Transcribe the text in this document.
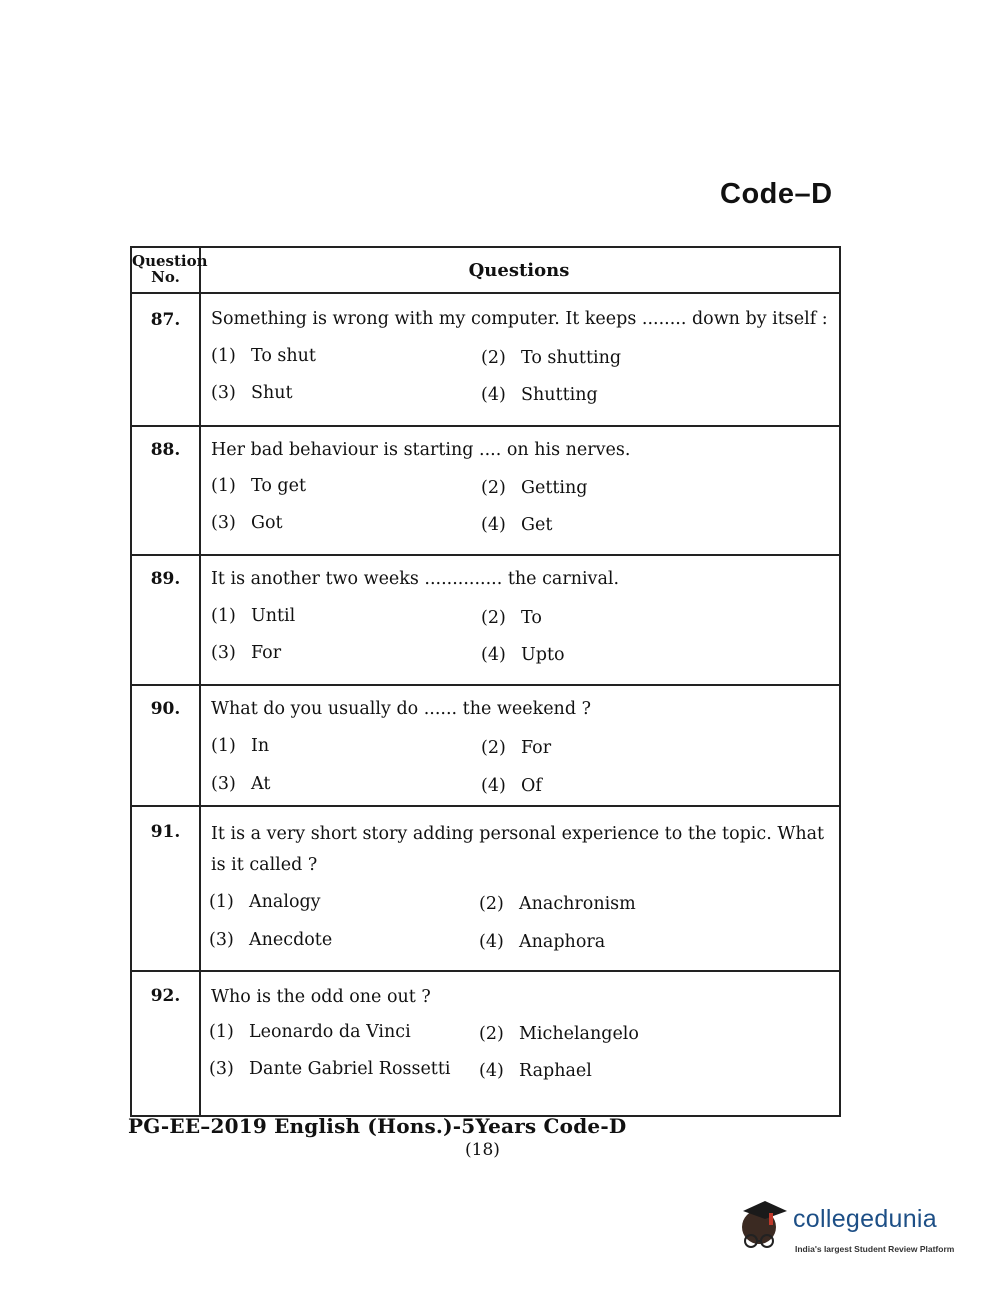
Code–D
Question No.	Questions
87.	Something is wrong with my computer. It keeps ........ down by itself :
(1) To shut	(2) To shutting
(3) Shut	(4) Shutting
88.	Her bad behaviour is starting .... on his nerves.
(1) To get	(2) Getting
(3) Got	(4) Get
89.	It is another two weeks .............. the carnival.
(1) Until	(2) To
(3) For	(4) Upto
90.	What do you usually do ...... the weekend ?
(1) In	(2) For
(3) At	(4) Of
91.	It is a very short story adding personal experience to the topic. What is it called ?
(1) Analogy	(2) Anachronism
(3) Anecdote	(4) Anaphora
92.	Who is the odd one out ?
(1) Leonardo da Vinci	(2) Michelangelo
(3) Dante Gabriel Rossetti (4) Raphael
PG-EE–2019 English (Hons.)-5Years Code-D
(18)
collegedunia
India's largest Student Review Platform
